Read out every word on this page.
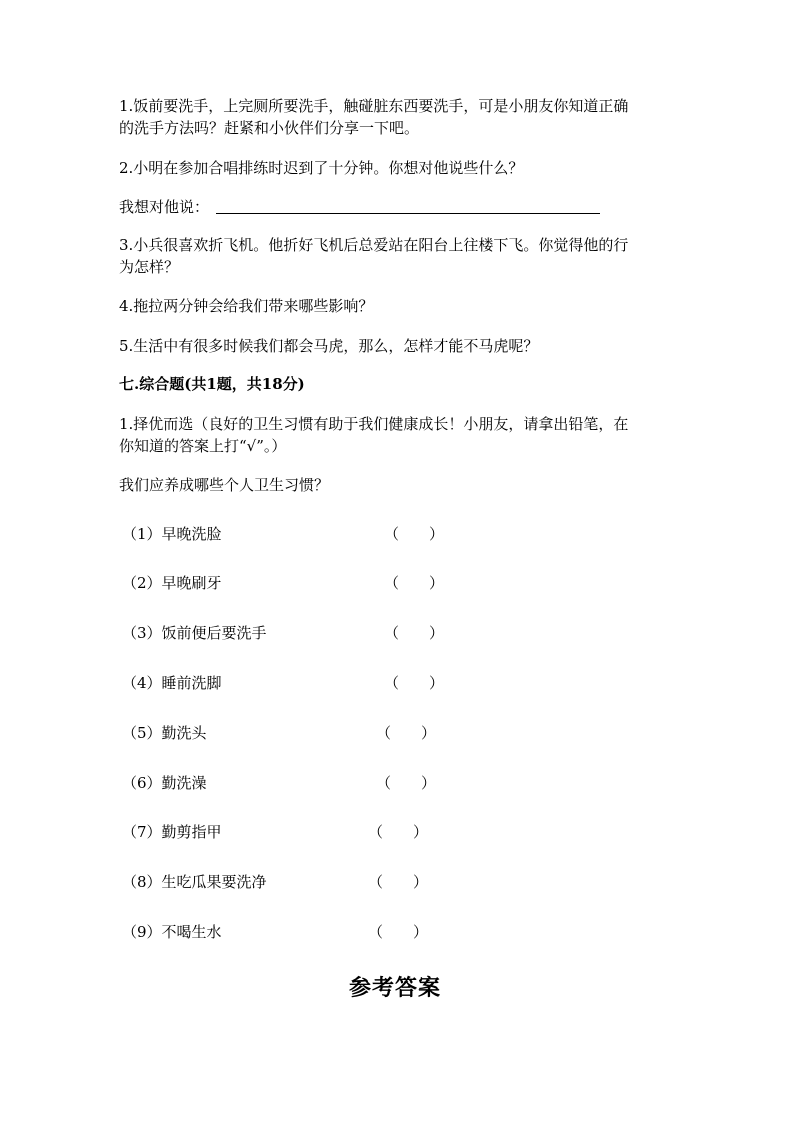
1.饭前要洗手，上完厕所要洗手，触碰脏东西要洗手，可是小朋友你知道正确
的洗手方法吗？赶紧和小伙伴们分享一下吧。
2.小明在参加合唱排练时迟到了十分钟。你想对他说些什么？
我想对他说：
3.小兵很喜欢折飞机。他折好飞机后总爱站在阳台上往楼下飞。你觉得他的行
为怎样？
4.拖拉两分钟会给我们带来哪些影响？
5.生活中有很多时候我们都会马虎，那么，怎样才能不马虎呢？
七.综合题(共1题，共18分)
1.择优而选（良好的卫生习惯有助于我们健康成长！小朋友，请拿出铅笔，在
你知道的答案上打“√”。）
我们应养成哪些个人卫生习惯？
（1）早晚洗脸	（　　）
（2）早晚刷牙	（　　）
（3）饭前便后要洗手	（　　）
（4）睡前洗脚	（　　）
（5）勤洗头	（　　）
（6）勤洗澡	（　　）
（7）勤剪指甲	（　　）
（8）生吃瓜果要洗净	（　　）
（9）不喝生水	（　　）
参考答案
